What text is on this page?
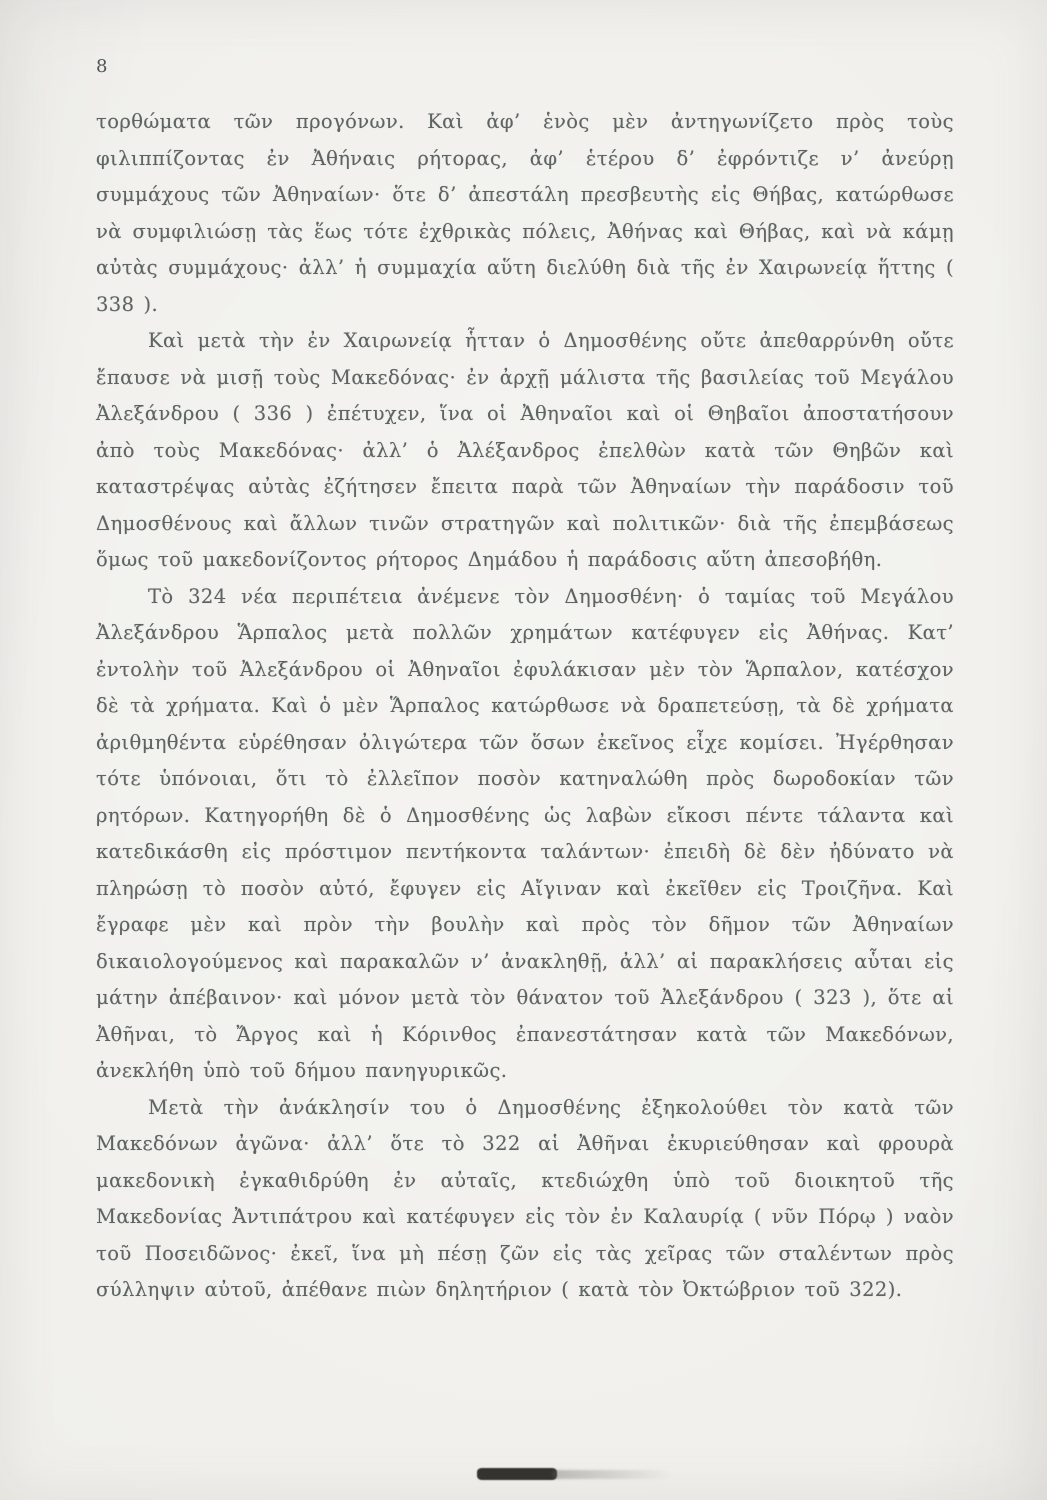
8

τορθώματα τῶν προγόνων. Καὶ ἀφ’ ἑνὸς μὲν ἀντηγωνίζετο πρὸς τοὺς φιλιππίζοντας ἐν Ἀθήναις ρήτορας, ἀφ’ ἑτέρου δ’ ἐφρόντιζε ν’ ἀνεύρῃ συμμάχους τῶν Ἀθηναίων· ὅτε δ’ ἀπεστάλη πρεσβευτὴς εἰς Θήβας, κατώρθωσε νὰ συμφιλιώσῃ τὰς ἕως τότε ἐχθρικὰς πόλεις, Ἀθήνας καὶ Θήβας, καὶ νὰ κάμῃ αὐτὰς συμμάχους· ἀλλ’ ἡ συμμαχία αὕτη διελύθη διὰ τῆς ἐν Χαιρωνείᾳ ἥττης ( 338 ).

Καὶ μετὰ τὴν ἐν Χαιρωνείᾳ ἧτταν ὁ Δημοσθένης οὔτε ἀπεθαρρύνθη οὔτε ἔπαυσε νὰ μισῇ τοὺς Μακεδόνας· ἐν ἀρχῇ μάλιστα τῆς βασιλείας τοῦ Μεγάλου Ἀλεξάνδρου ( 336 ) ἐπέτυχεν, ἵνα οἱ Ἀθηναῖοι καὶ οἱ Θηβαῖοι ἀποστατήσουν ἀπὸ τοὺς Μακεδόνας· ἀλλ’ ὁ Ἀλέξανδρος ἐπελθὼν κατὰ τῶν Θηβῶν καὶ καταστρέψας αὐτὰς ἐζήτησεν ἔπειτα παρὰ τῶν Ἀθηναίων τὴν παράδοσιν τοῦ Δημοσθένους καὶ ἄλλων τινῶν στρατηγῶν καὶ πολιτικῶν· διὰ τῆς ἐπεμβάσεως ὅμως τοῦ μακεδονίζοντος ρήτορος Δημάδου ἡ παράδοσις αὕτη ἀπεσοβήθη.

Τὸ 324 νέα περιπέτεια ἀνέμενε τὸν Δημοσθένη· ὁ ταμίας τοῦ Μεγάλου Ἀλεξάνδρου Ἅρπαλος μετὰ πολλῶν χρημάτων κατέφυγεν εἰς Ἀθήνας. Κατ’ ἐντολὴν τοῦ Ἀλεξάνδρου οἱ Ἀθηναῖοι ἐφυλάκισαν μὲν τὸν Ἅρπαλον, κατέσχον δὲ τὰ χρήματα. Καὶ ὁ μὲν Ἅρπαλος κατώρθωσε νὰ δραπετεύσῃ, τὰ δὲ χρήματα ἀριθμηθέντα εὑρέθησαν ὀλιγώτερα τῶν ὅσων ἐκεῖνος εἶχε κομίσει. Ἠγέρθησαν τότε ὑπόνοιαι, ὅτι τὸ ἐλλεῖπον ποσὸν κατηναλώθη πρὸς δωροδοκίαν τῶν ρητόρων. Κατηγορήθη δὲ ὁ Δημοσθένης ὡς λαβὼν εἴκοσι πέντε τάλαντα καὶ κατεδικάσθη εἰς πρόστιμον πεντήκοντα ταλάντων· ἐπειδὴ δὲ δὲν ἠδύνατο νὰ πληρώσῃ τὸ ποσὸν αὐτό, ἔφυγεν εἰς Αἴγιναν καὶ ἐκεῖθεν εἰς Τροιζῆνα. Καὶ ἔγραφε μὲν καὶ πρὸν τὴν βουλὴν καὶ πρὸς τὸν δῆμον τῶν Ἀθηναίων δικαιολογούμενος καὶ παρακαλῶν ν’ ἀνακληθῇ, ἀλλ’ αἱ παρακλήσεις αὗται εἰς μάτην ἀπέβαινον· καὶ μόνον μετὰ τὸν θάνατον τοῦ Ἀλεξάνδρου ( 323 ), ὅτε αἱ Ἀθῆναι, τὸ Ἄργος καὶ ἡ Κόρινθος ἐπανεστάτησαν κατὰ τῶν Μακεδόνων, ἀνεκλήθη ὑπὸ τοῦ δήμου πανηγυρικῶς.

Μετὰ τὴν ἀνάκλησίν του ὁ Δημοσθένης ἐξηκολούθει τὸν κατὰ τῶν Μακεδόνων ἀγῶνα· ἀλλ’ ὅτε τὸ 322 αἱ Ἀθῆναι ἐκυριεύθησαν καὶ φρουρὰ μακεδονικὴ ἐγκαθιδρύθη ἐν αὐταῖς, κτεδιώχθη ὑπὸ τοῦ διοικητοῦ τῆς Μακεδονίας Ἀντιπάτρου καὶ κατέφυγεν εἰς τὸν ἐν Καλαυρίᾳ ( νῦν Πόρῳ ) ναὸν τοῦ Ποσειδῶνος· ἐκεῖ, ἵνα μὴ πέσῃ ζῶν εἰς τὰς χεῖρας τῶν σταλέντων πρὸς σύλληψιν αὐτοῦ, ἀπέθανε πιὼν δηλητήριον ( κατὰ τὸν Ὀκτώβριον τοῦ 322).
